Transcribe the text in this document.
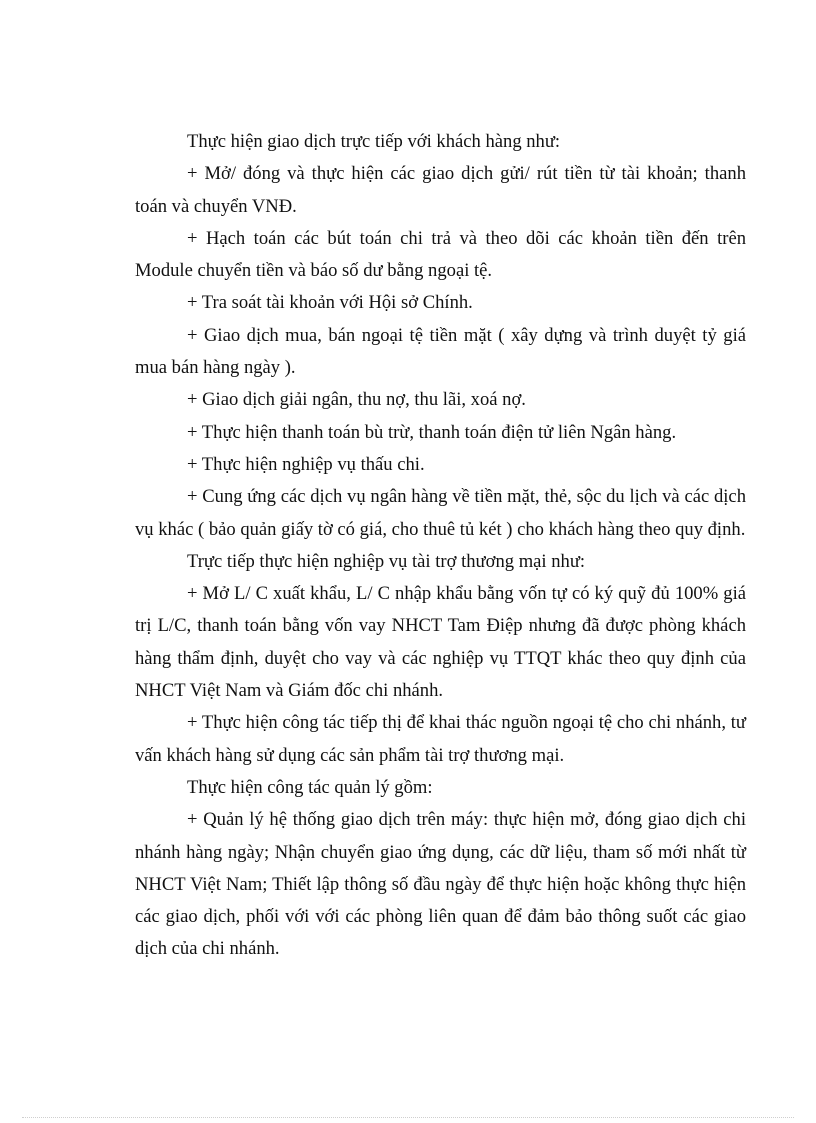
Thực hiện giao dịch trực tiếp với khách hàng như:

+ Mở/ đóng và thực hiện các giao dịch gửi/ rút tiền từ tài khoản; thanh toán và chuyển VNĐ.

+ Hạch toán các bút toán chi trả và theo dõi các khoản tiền đến trên Module chuyển tiền và báo số dư bằng ngoại tệ.

+ Tra soát tài khoản với Hội sở Chính.

+ Giao dịch mua, bán ngoại tệ tiền mặt ( xây dựng và trình duyệt tỷ giá mua bán hàng ngày ).

+ Giao dịch giải ngân, thu nợ, thu lãi, xoá nợ.

+ Thực hiện thanh toán bù trừ, thanh toán điện tử liên Ngân hàng.

+ Thực hiện nghiệp vụ thấu chi.

+ Cung ứng các dịch vụ ngân hàng về tiền mặt, thẻ, sộc du lịch và các dịch vụ khác ( bảo quản giấy tờ có giá, cho thuê tủ két ) cho khách hàng theo quy định.

Trực tiếp thực hiện nghiệp vụ tài trợ thương mại như:

+ Mở L/ C xuất khẩu, L/ C nhập khẩu bằng vốn tự có ký quỹ đủ 100% giá trị L/C, thanh toán bằng vốn vay NHCT Tam Điệp nhưng đã được phòng khách hàng thẩm định, duyệt cho vay và các nghiệp vụ TTQT khác theo quy định của NHCT Việt Nam và Giám đốc chi nhánh.

+ Thực hiện công tác tiếp thị để khai thác nguồn ngoại tệ cho chi nhánh, tư vấn khách hàng sử dụng các sản phẩm tài trợ thương mại.

Thực hiện công tác quản lý gồm:

+ Quản lý hệ thống giao dịch trên máy: thực hiện mở, đóng giao dịch chi nhánh hàng ngày; Nhận chuyển giao ứng dụng, các dữ liệu, tham số mới nhất từ NHCT Việt Nam; Thiết lập thông số đầu ngày để thực hiện hoặc không thực hiện các giao dịch, phối với với các phòng liên quan để đảm bảo thông suốt các giao dịch của chi nhánh.
